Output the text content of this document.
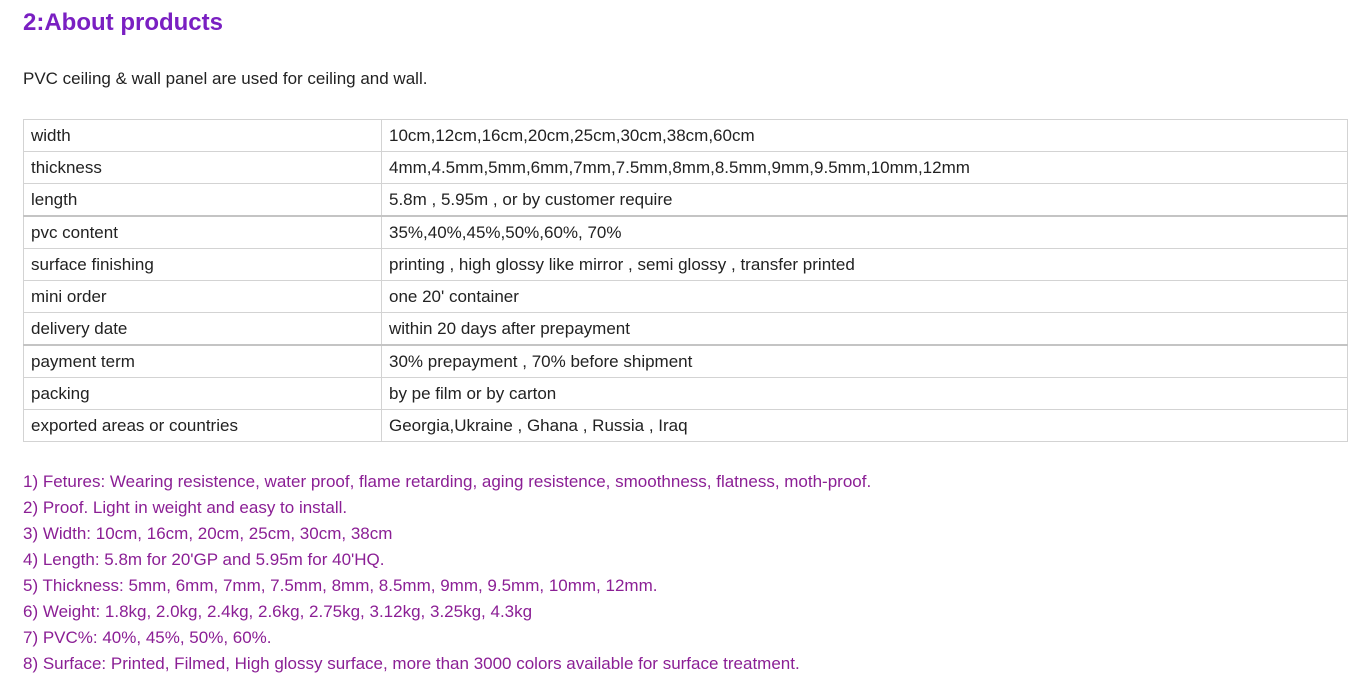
2:About products

PVC ceiling & wall panel are used for ceiling and wall.

width	10cm,12cm,16cm,20cm,25cm,30cm,38cm,60cm
thickness	4mm,4.5mm,5mm,6mm,7mm,7.5mm,8mm,8.5mm,9mm,9.5mm,10mm,12mm
length	5.8m , 5.95m , or by customer require
pvc content	35%,40%,45%,50%,60%, 70%
surface finishing	printing , high glossy like mirror , semi glossy , transfer printed
mini order	one 20' container
delivery date	within 20 days after prepayment
payment term	30% prepayment , 70% before shipment
packing	by pe film or by carton
exported areas or countries	Georgia,Ukraine , Ghana , Russia , Iraq
1) Fetures: Wearing resistence, water proof, flame retarding, aging resistence, smoothness, flatness, moth-proof.
2) Proof. Light in weight and easy to install.
3) Width: 10cm, 16cm, 20cm, 25cm, 30cm, 38cm
4) Length: 5.8m for 20'GP and 5.95m for 40'HQ.
5) Thickness: 5mm, 6mm, 7mm, 7.5mm, 8mm, 8.5mm, 9mm, 9.5mm, 10mm, 12mm.
6) Weight: 1.8kg, 2.0kg, 2.4kg, 2.6kg, 2.75kg, 3.12kg, 3.25kg, 4.3kg
7) PVC%: 40%, 45%, 50%, 60%.
8) Surface: Printed, Filmed, High glossy surface, more than 3000 colors available for surface treatment.
